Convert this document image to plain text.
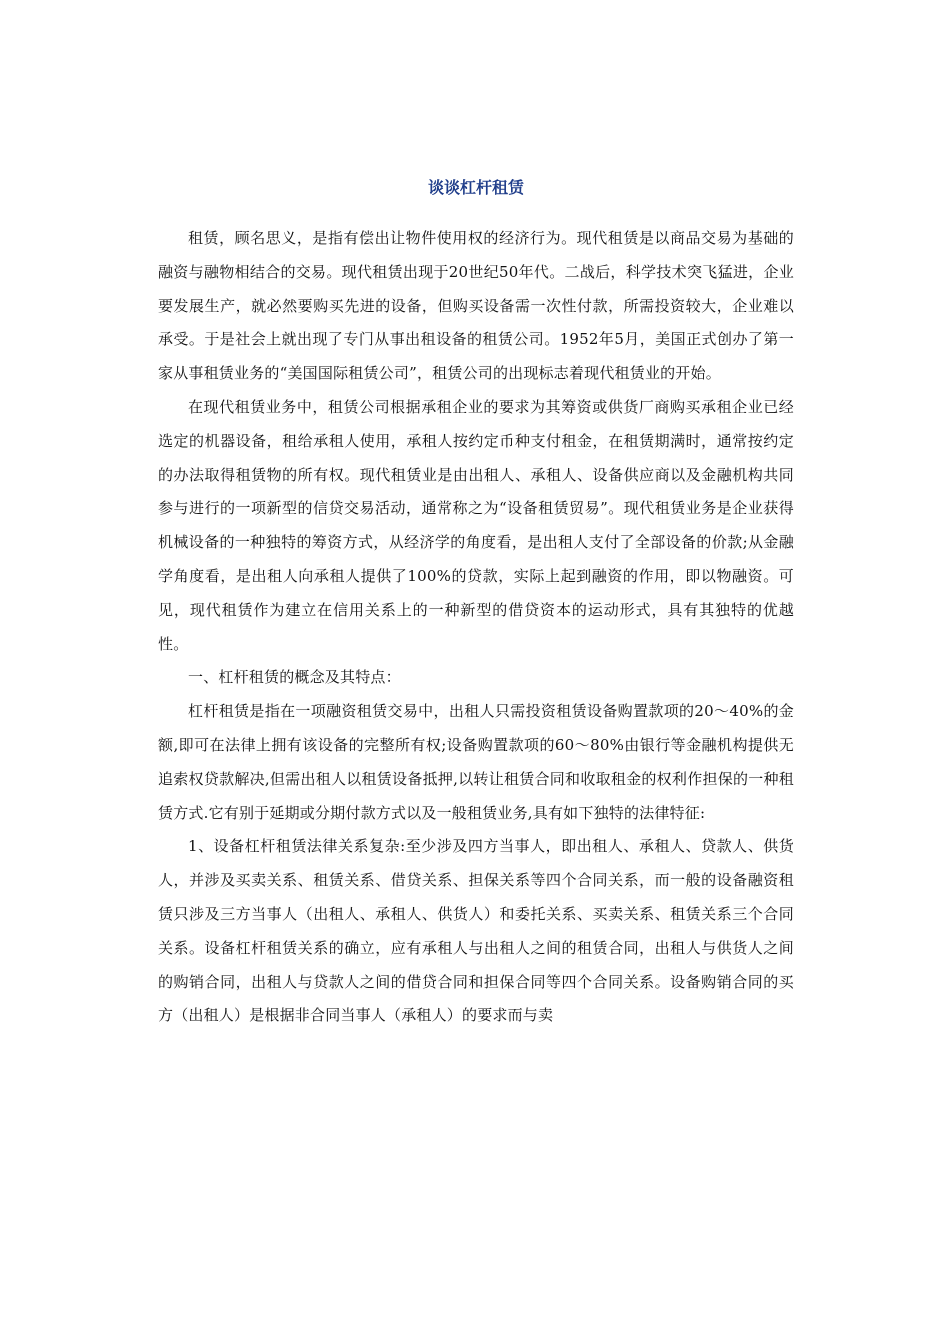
谈谈杠杆租赁

租赁，顾名思义，是指有偿出让物件使用权的经济行为。现代租赁是以商品交易为基础的融资与融物相结合的交易。现代租赁出现于20世纪50年代。二战后，科学技术突飞猛进，企业要发展生产，就必然要购买先进的设备，但购买设备需一次性付款，所需投资较大，企业难以承受。于是社会上就出现了专门从事出租设备的租赁公司。1952年5月，美国正式创办了第一家从事租赁业务的“美国国际租赁公司”，租赁公司的出现标志着现代租赁业的开始。

在现代租赁业务中，租赁公司根据承租企业的要求为其筹资或供货厂商购买承租企业已经选定的机器设备，租给承租人使用，承租人按约定币种支付租金，在租赁期满时，通常按约定的办法取得租赁物的所有权。现代租赁业是由出租人、承租人、设备供应商以及金融机构共同参与进行的一项新型的信贷交易活动，通常称之为“设备租赁贸易”。现代租赁业务是企业获得机械设备的一种独特的筹资方式，从经济学的角度看，是出租人支付了全部设备的价款;从金融学角度看，是出租人向承租人提供了100%的贷款，实际上起到融资的作用，即以物融资。可见，现代租赁作为建立在信用关系上的一种新型的借贷资本的运动形式，具有其独特的优越性。

一、杠杆租赁的概念及其特点：

杠杆租赁是指在一项融资租赁交易中，出租人只需投资租赁设备购置款项的20～40%的金额,即可在法律上拥有该设备的完整所有权;设备购置款项的60～80%由银行等金融机构提供无追索权贷款解决,但需出租人以租赁设备抵押,以转让租赁合同和收取租金的权利作担保的一种租赁方式.它有别于延期或分期付款方式以及一般租赁业务,具有如下独特的法律特征:

1、设备杠杆租赁法律关系复杂:至少涉及四方当事人，即出租人、承租人、贷款人、供货人，并涉及买卖关系、租赁关系、借贷关系、担保关系等四个合同关系，而一般的设备融资租赁只涉及三方当事人（出租人、承租人、供货人）和委托关系、买卖关系、租赁关系三个合同关系。设备杠杆租赁关系的确立，应有承租人与出租人之间的租赁合同，出租人与供货人之间的购销合同，出租人与贷款人之间的借贷合同和担保合同等四个合同关系。设备购销合同的买方（出租人）是根据非合同当事人（承租人）的要求而与卖
